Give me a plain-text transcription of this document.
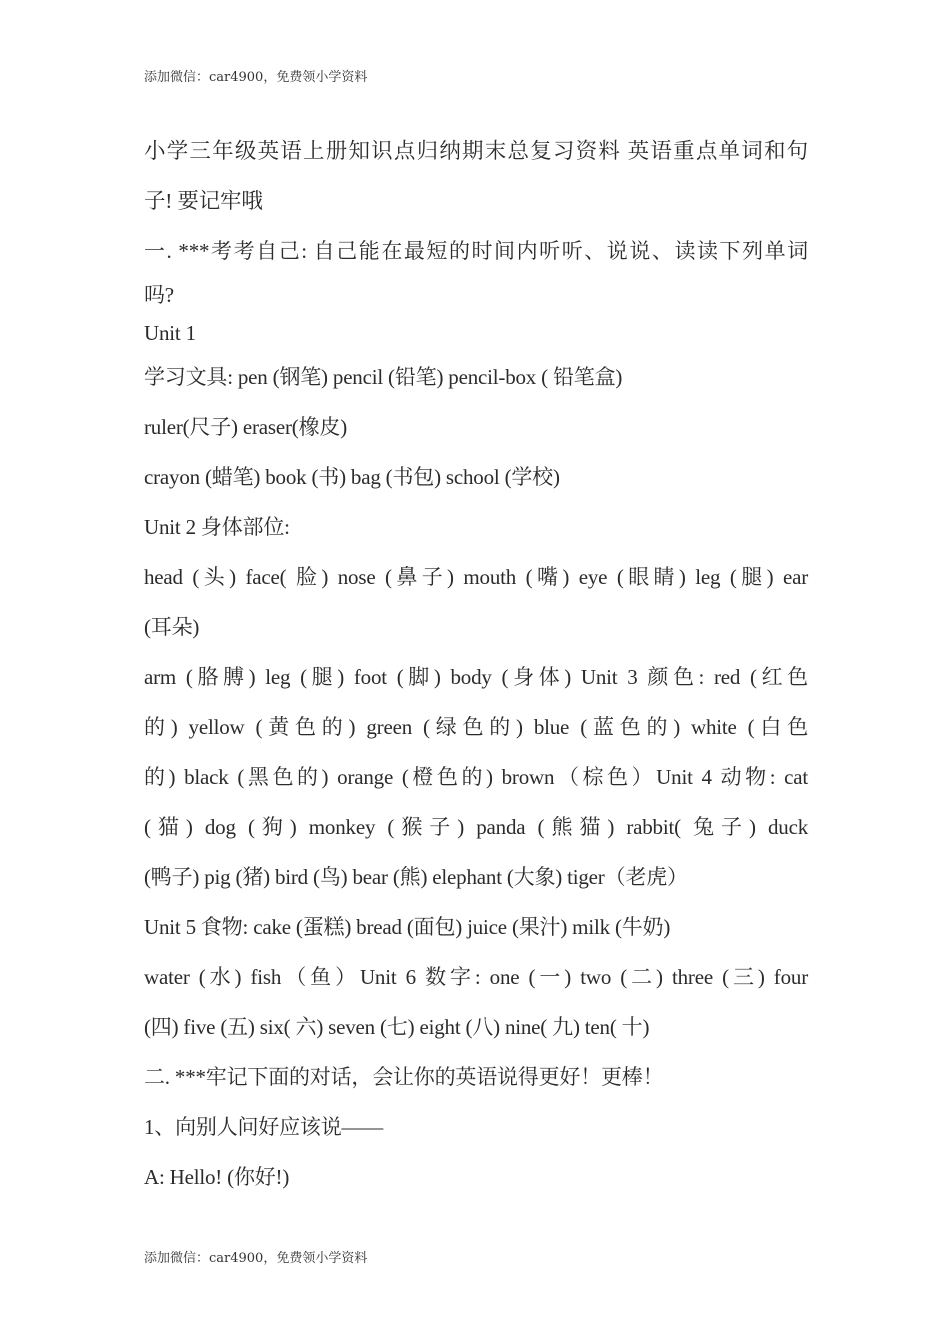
添加微信：car4900，免费领小学资料
小学三年级英语上册知识点归纳期末总复习资料 英语重点单词和句
子! 要记牢哦
一. ***考考自己: 自己能在最短的时间内听听、说说、读读下列单词
吗?
Unit 1
学习文具: pen (钢笔) pencil (铅笔) pencil-box ( 铅笔盒)
ruler(尺子) eraser(橡皮)
crayon (蜡笔) book (书) bag (书包) school (学校)
Unit 2 身体部位:
head (头) face( 脸) nose (鼻子) mouth (嘴) eye (眼睛) leg (腿) ear
(耳朵)
arm (胳膊) leg (腿) foot (脚) body (身体) Unit 3 颜色: red (红色
的) yellow (黄色的) green (绿色的) blue (蓝色的) white (白色
的) black (黑色的) orange (橙色的) brown（棕色）Unit 4 动物: cat
(猫) dog (狗) monkey (猴子) panda (熊猫) rabbit( 兔子) duck
(鸭子) pig (猪) bird (鸟) bear (熊) elephant (大象) tiger（老虎）
Unit 5 食物: cake (蛋糕) bread (面包) juice (果汁) milk (牛奶)
water (水) fish（鱼）Unit 6 数字: one (一) two (二) three (三) four
(四) five (五) six( 六) seven (七) eight (八) nine( 九) ten( 十)
二. ***牢记下面的对话，会让你的英语说得更好！更棒！
1、向别人问好应该说——
A: Hello! (你好!)
添加微信：car4900，免费领小学资料
